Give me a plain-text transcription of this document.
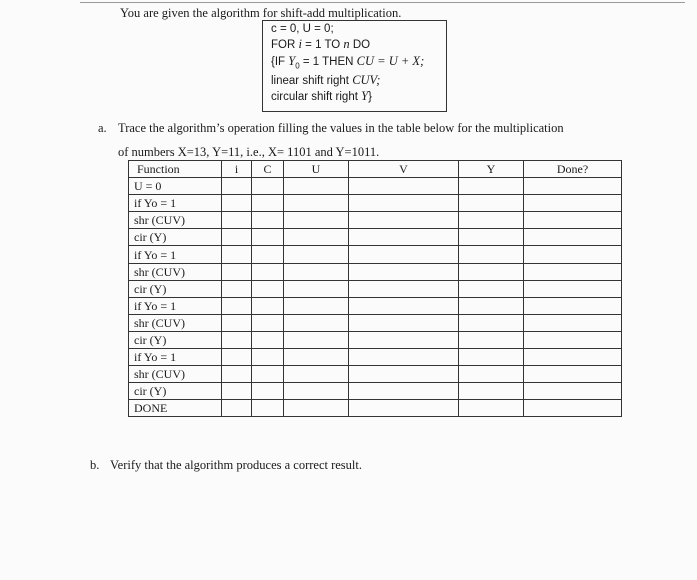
You are given the algorithm for shift-add multiplication.
c = 0, U = 0;
FOR i = 1 TO n DO
{IF $Y_0 = 1$ THEN CU = U + X;
linear shift right CUV;
circular shift right Y}
a. Trace the algorithm’s operation filling the values in the table below for the multiplication
of numbers X=13, Y=11, i.e., X= 1101 and Y=1011.
Function	i	C	U	V	Y	Done?
U = 0						
if Yo = 1						
shr (CUV)						
cir (Y)						
if Yo = 1						
shr (CUV)						
cir (Y)						
if Yo = 1						
shr (CUV)						
cir (Y)						
if Yo = 1						
shr (CUV)						
cir (Y)						
DONE						
b. Verify that the algorithm produces a correct result.
